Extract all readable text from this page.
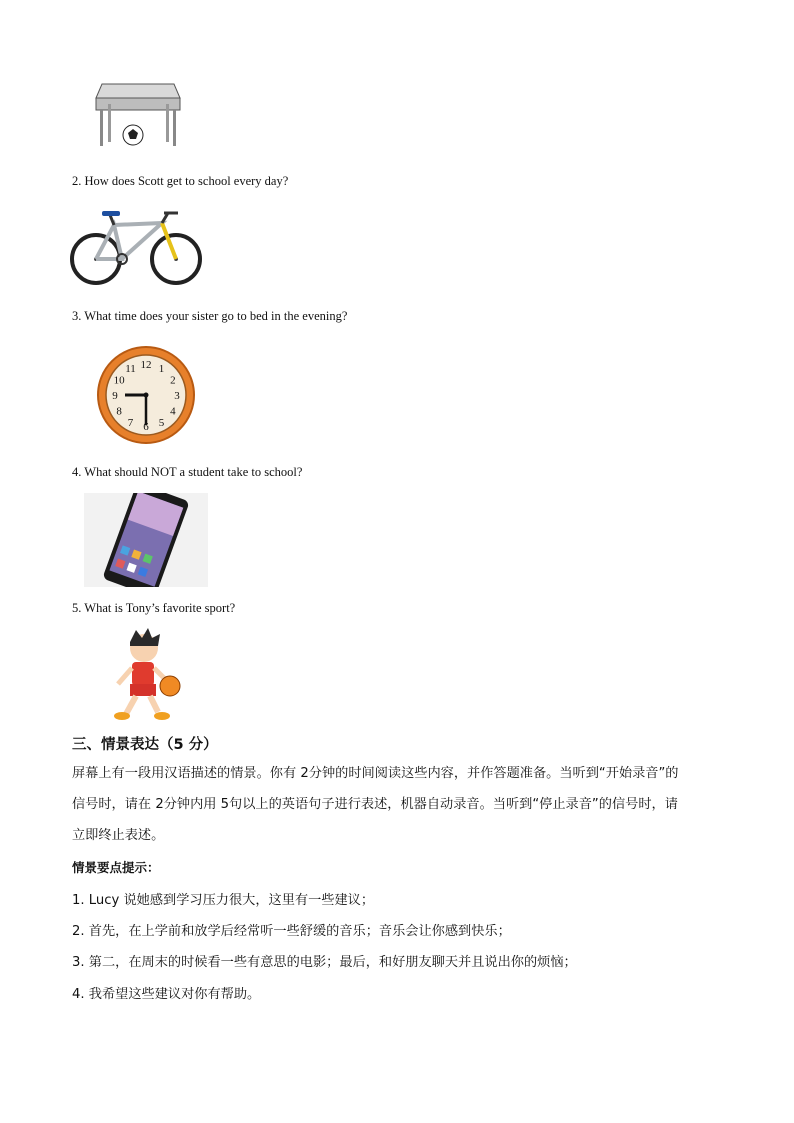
2. How does Scott get to school every day?
3. What time does your sister go to bed in the evening?
12 1
2
3
4
5
6
7
8
9
10
11
4. What should NOT a student take to school?
5. What is Tony’s favorite sport?
三、情景表达（5 分）
屏幕上有一段用汉语描述的情景。你有 2分钟的时间阅读这些内容，并作答题准备。当听到“开始录音”的
信号时，请在 2分钟内用 5句以上的英语句子进行表述，机器自动录音。当听到“停止录音”的信号时，请
立即终止表述。
情景要点提示：
1. Lucy 说她感到学习压力很大，这里有一些建议；
2. 首先，在上学前和放学后经常听一些舒缓的音乐；音乐会让你感到快乐；
3. 第二，在周末的时候看一些有意思的电影；最后，和好朋友聊天并且说出你的烦恼；
4. 我希望这些建议对你有帮助。
